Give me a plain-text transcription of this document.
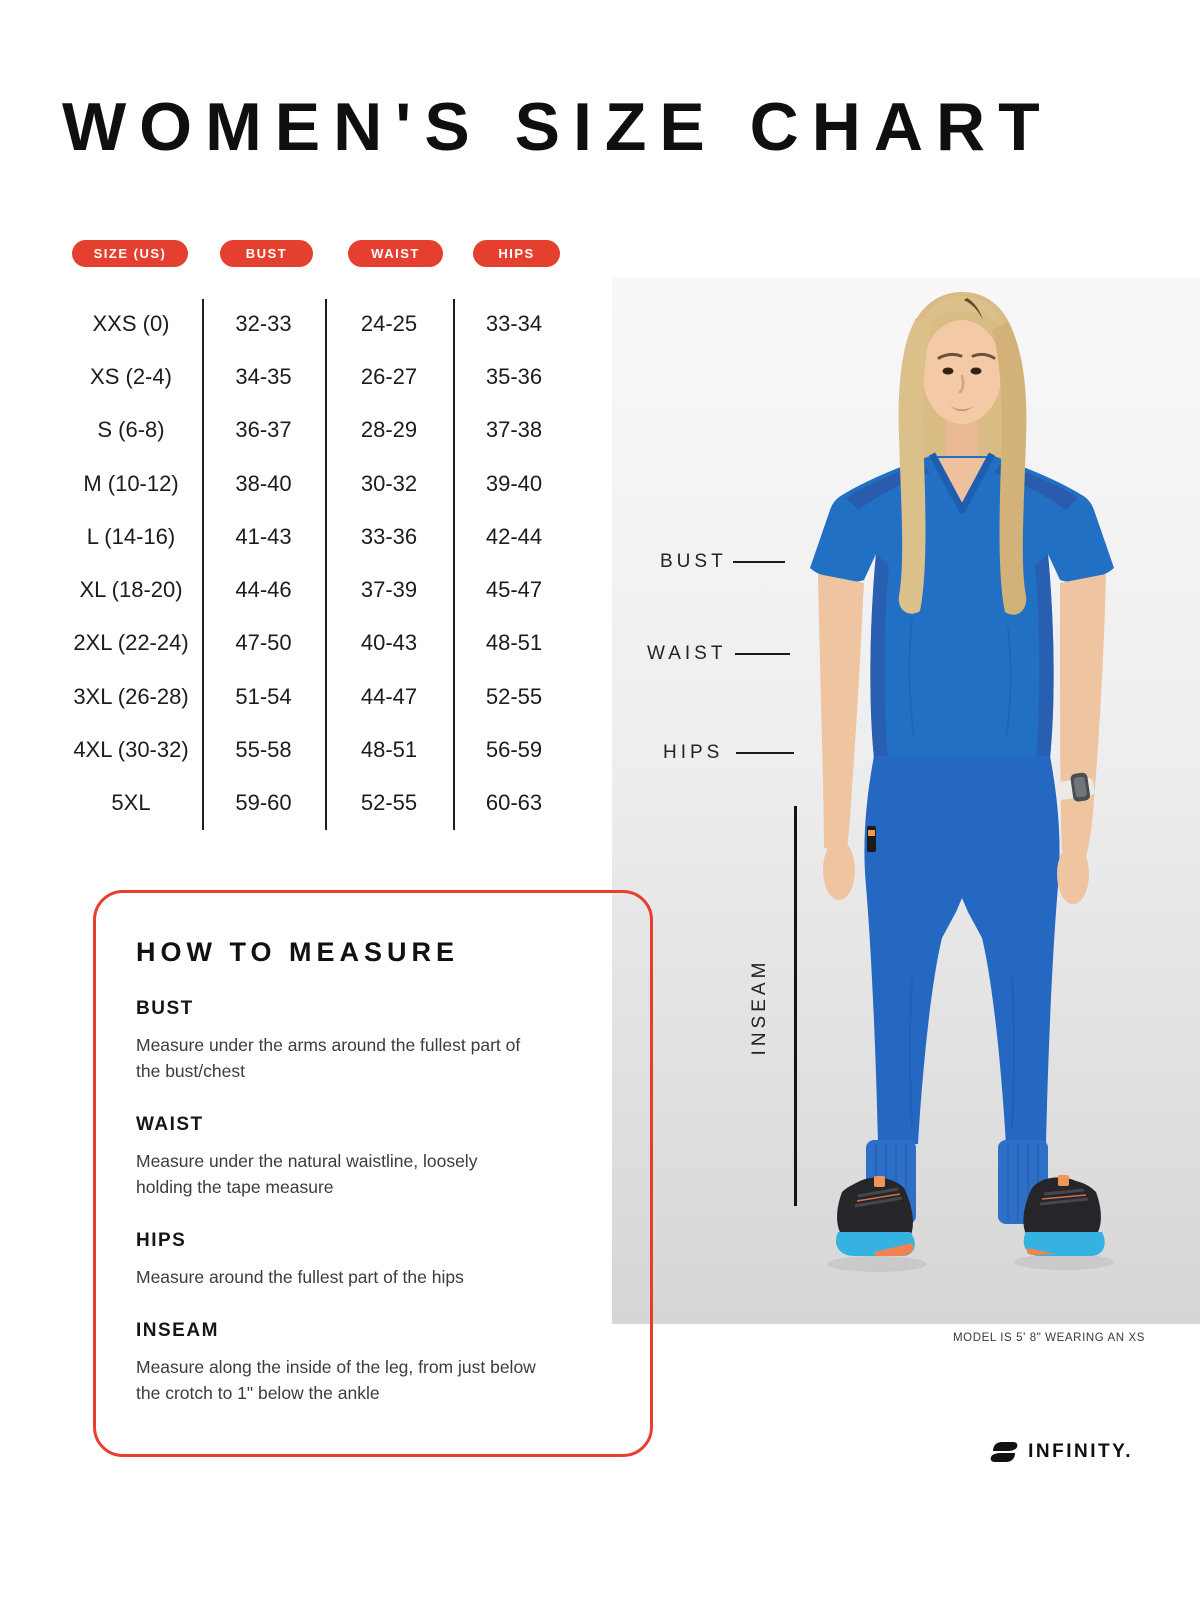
WOMEN'S SIZE CHART
SIZE (US)	BUST	WAIST	HIPS
XXS (0)	32-33	24-25	33-34
XS (2-4)	34-35	26-27	35-36
S (6-8)	36-37	28-29	37-38
M (10-12)	38-40	30-32	39-40
L (14-16)	41-43	33-36	42-44
XL (18-20)	44-46	37-39	45-47
2XL (22-24)	47-50	40-43	48-51
3XL (26-28)	51-54	44-47	52-55
4XL (30-32)	55-58	48-51	56-59
5XL	59-60	52-55	60-63
BUST
WAIST
HIPS
INSEAM
MODEL IS 5' 8" WEARING AN XS
HOW TO MEASURE
BUST

Measure under the arms around the fullest part of the bust/chest

WAIST

Measure under the natural waistline, loosely holding the tape measure

HIPS

Measure around the fullest part of the hips

INSEAM

Measure along the inside of the leg, from just below the crotch to 1" below the ankle

INFINITY.
